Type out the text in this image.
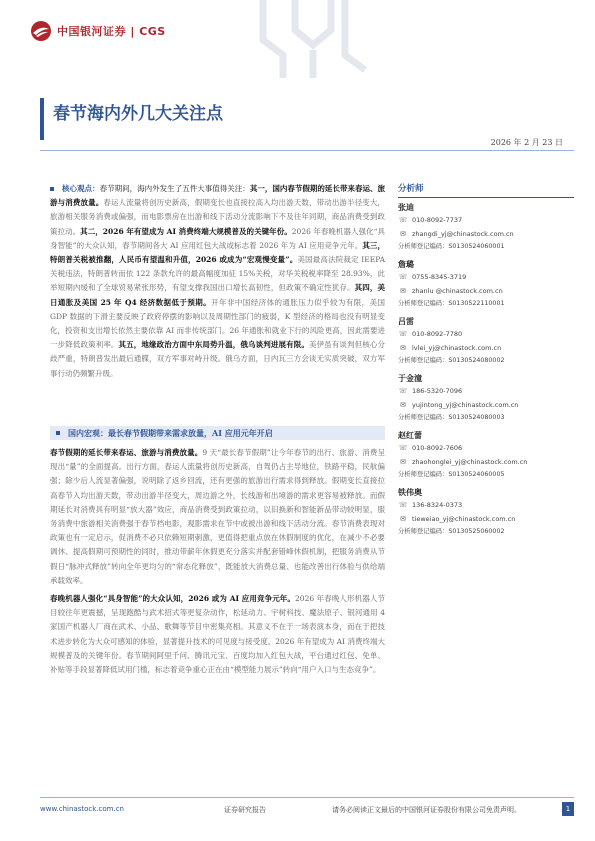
中国银河证券 | CGS
春节海内外几大关注点
2026 年 2 月 23 日

核心观点：春节期间，海内外发生了五件大事值得关注：其一，国内春节假期的延长带来春运、旅游与消费放量。春运人流量将创历史新高，假期变长也直接拉高入均出游天数，带动出游半径变大，旅游相关服务消费或偏强，而电影票房在出游和线下活动分流影响下不及往年同期，商品消费受到政策拉动。其二，2026 年有望成为 AI 消费终端大规模普及的关键年份。2026 年春晚机器人强化“具身智能”的大众认知，春节期间各大 AI 应用红包大战或标志着 2026 年为 AI 应用竞争元年。其三，特朗普关税被推翻，人民币有望温和升值，2026 或成为“宏观慢变量”。美国最高法院裁定 IEEPA 关税违法，特朗普转而依 122 条款允许的最高幅度加征 15%关税，对华关税税率降至 28.93%，此举短期内缓和了全球贸易紧张形势，有望支撑我国出口增长高韧性，但政策不确定性犹存。其四，美日通胀及美国 25 年 Q4 经济数据低于预期。开年非中国经济体的通胀压力似乎较为有限，美国 GDP 数据的下滑主要反映了政府停摆的影响以及周期性部门的疲弱，K 型经济的格局也没有明显变化，投资和支出增长依然主要依靠 AI 而非传统部门。26 年通胀和就业下行的风险更高，因此需要进一步降低政策利率。其五，地缘政治方面中东局势升温，俄乌谈判进展有限。美伊虽有谈判但核心分歧严重，特朗普发出最后通牒，双方军事对峙升级。俄乌方面，日内瓦三方会谈无实质突破，双方军事行动仍频繁升级。

国内宏观：最长春节假期带来需求放量，AI 应用元年开启

春节假期的延长带来春运、旅游与消费放量。9 天“最长春节假期”让今年春节的出行、旅游、消费呈现出“量”的全面提高。出行方面，春运人流量将创历史新高，自驾仍占主导地位，铁路平稳，民航偏强；除少后人流显著偏强，说明除了返乡回流，还有更强的旅游出行需求得到释放。假期变长直接拉高春节入均出游天数，带动出游半径变大，周边游之外，长线游和出境游的需求更容易被释放。而假期延长对消费具有明显“放大器”效应，商品消费受到政策拉动，以旧换新和智能新品带动较明显，服务消费中旅游相关消费强于春节档电影，观影需求在节中或被出游和线下活动分流。春节消费表现对政策也有一定启示，促消费不必只依赖短期刺激，更值得把重点放在休假制度的优化，在减少不必要调休、提高假期可预期性的同时，推动带薪年休假更充分落实并配套错峰休假机制，把服务消费从节假日“脉冲式释放”转向全年更均匀的“常态化释放”，既能放大消费总量、也能改善出行体验与供给端承载效率。

春晚机器人强化“具身智能”的大众认知，2026 或为 AI 应用竞争元年。2026 年春晚人形机器人节目较往年更震撼，呈现跑酷与武术招式等更复杂动作，松延动力、宇树科技、魔法原子、银河通用 4 家国产机器人厂商在武术、小品、歌舞等节目中密集亮相。其意义不在于一场表演本身，而在于把技术进步转化为大众可感知的体验，显著提升技术的可见度与接受度。2026 年有望成为 AI 消费终端大规模普及的关键年份。春节期间阿里千问、腾讯元宝、百度均加入红包大战，平台通过红包、免单、补贴等手段显著降低试用门槛，标志着竞争重心正在由“模型能力展示”转向“用户入口与生态竞争”。

分析师
张迪
☏ 010-8092-7737
✉ zhangdi_yj@chinastock.com.cn
分析师登记编码：S0130524060001
詹璐
☏ 0755-8345-3719
✉ zhanlu @chinastock.com.cn
分析师登记编码：S0130522110001
吕雷
☏ 010-8092-7780
✉ lvlei_yj@chinastock.com.cn
分析师登记编码：S0130524080002
于金潼
☏ 186-5320-7096
✉ yujintong_yj@chinastock.com.cn
分析师登记编码：S0130524080003
赵红蕾
☏ 010-8092-7606
✉ zhaohonglei_yj@chinastock.com.cn
分析师登记编码：S0130524060005
铁伟奥
☏ 136-8324-0373
✉ tieweiao_yj@chinastock.com.cn
分析师登记编码：S0130525060002
www.chinastock.com.cn	证券研究报告	请务必阅读正文最后的中国银河证券股份有限公司免责声明。	1
